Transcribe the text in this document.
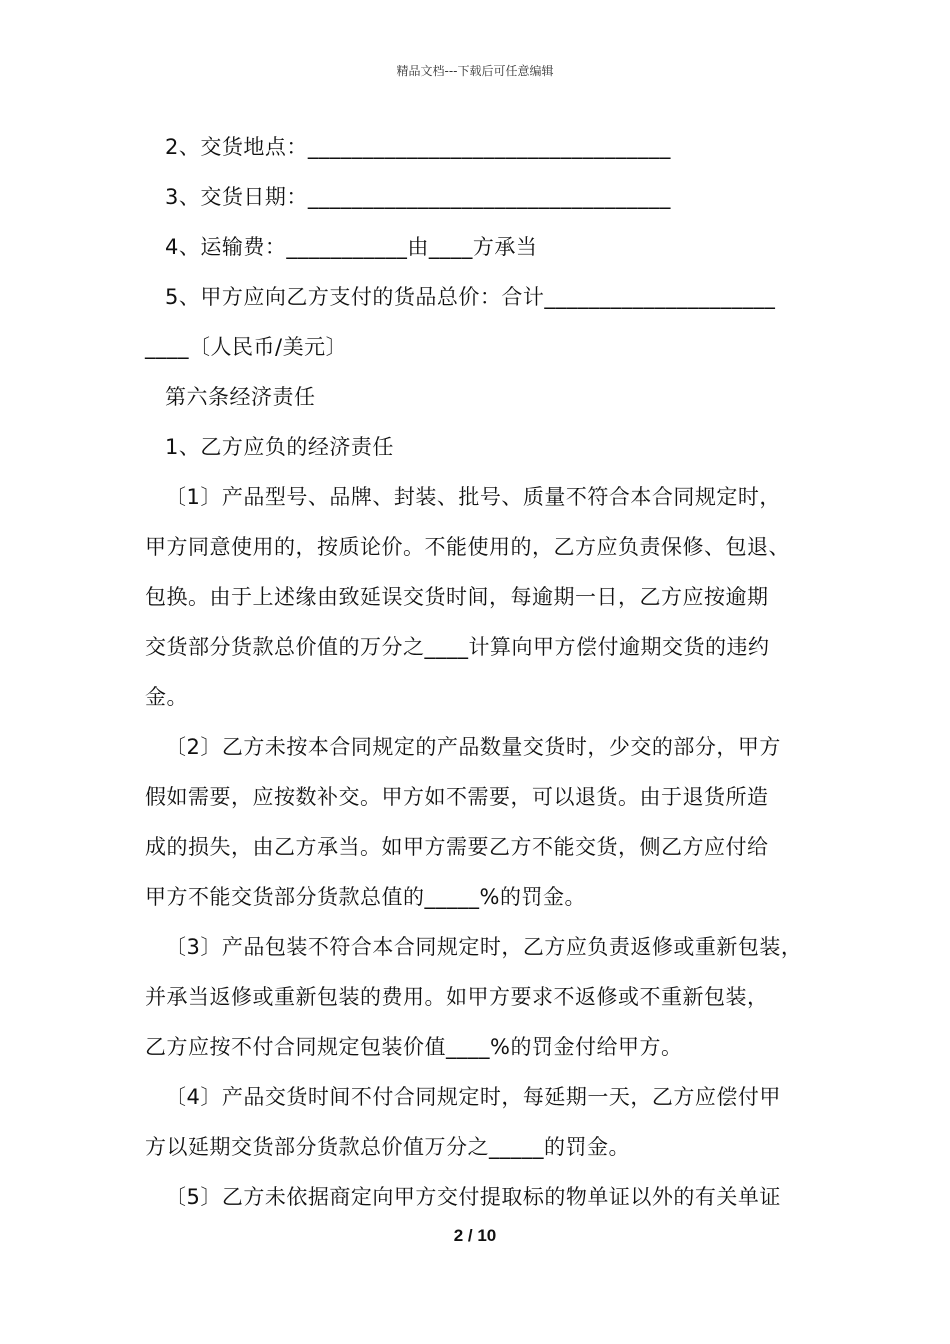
精品文档---下载后可任意编辑
2、交货地点：_________________________________
3、交货日期：_________________________________
4、运输费：___________由____方承当
5、甲方应向乙方支付的货品总价：合计_____________________
____〔人民币/美元〕
第六条经济责任
1、乙方应负的经济责任
〔1〕产品型号、品牌、封装、批号、质量不符合本合同规定时，
甲方同意使用的，按质论价。不能使用的，乙方应负责保修、包退、
包换。由于上述缘由致延误交货时间，每逾期一日，乙方应按逾期
交货部分货款总价值的万分之____计算向甲方偿付逾期交货的违约
金。
〔2〕乙方未按本合同规定的产品数量交货时，少交的部分，甲方
假如需要，应按数补交。甲方如不需要，可以退货。由于退货所造
成的损失，由乙方承当。如甲方需要乙方不能交货，侧乙方应付给
甲方不能交货部分货款总值的_____%的罚金。
〔3〕产品包装不符合本合同规定时，乙方应负责返修或重新包装，
并承当返修或重新包装的费用。如甲方要求不返修或不重新包装，
乙方应按不付合同规定包装价值____%的罚金付给甲方。
〔4〕产品交货时间不付合同规定时，每延期一天，乙方应偿付甲
方以延期交货部分货款总价值万分之_____的罚金。
〔5〕乙方未依据商定向甲方交付提取标的物单证以外的有关单证
2 / 10
